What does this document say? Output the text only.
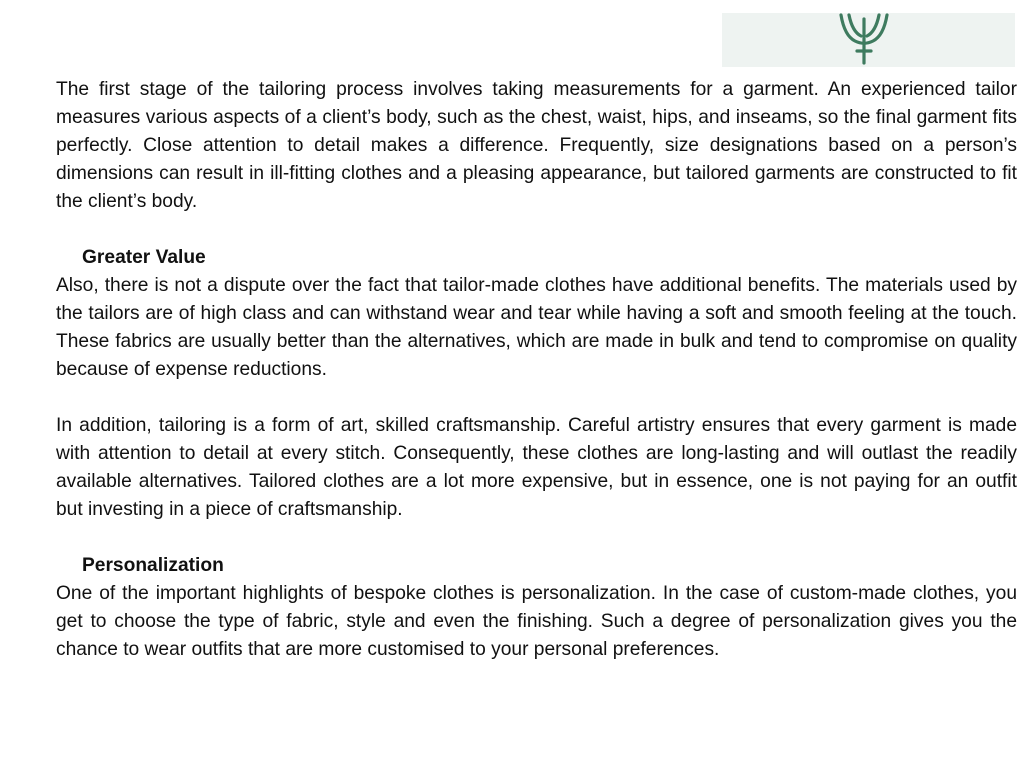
The first stage of the tailoring process involves taking measurements for a garment. An experienced tailor measures various aspects of a client’s body, such as the chest, waist, hips, and inseams, so the final garment fits perfectly. Close attention to detail makes a difference. Frequently, size designations based on a person’s dimensions can result in ill-fitting clothes and a pleasing appearance, but tailored garments are constructed to fit the client’s body.

Greater Value

Also, there is not a dispute over the fact that tailor-made clothes have additional benefits. The materials used by the tailors are of high class and can withstand wear and tear while having a soft and smooth feeling at the touch. These fabrics are usually better than the alternatives, which are made in bulk and tend to compromise on quality because of expense reductions.

In addition, tailoring is a form of art, skilled craftsmanship. Careful artistry ensures that every garment is made with attention to detail at every stitch. Consequently, these clothes are long-lasting and will outlast the readily available alternatives. Tailored clothes are a lot more expensive, but in essence, one is not paying for an outfit but investing in a piece of craftsmanship.

Personalization

One of the important highlights of bespoke clothes is personalization. In the case of custom-made clothes, you get to choose the type of fabric, style and even the finishing. Such a degree of personalization gives you the chance to wear outfits that are more customised to your personal preferences.
